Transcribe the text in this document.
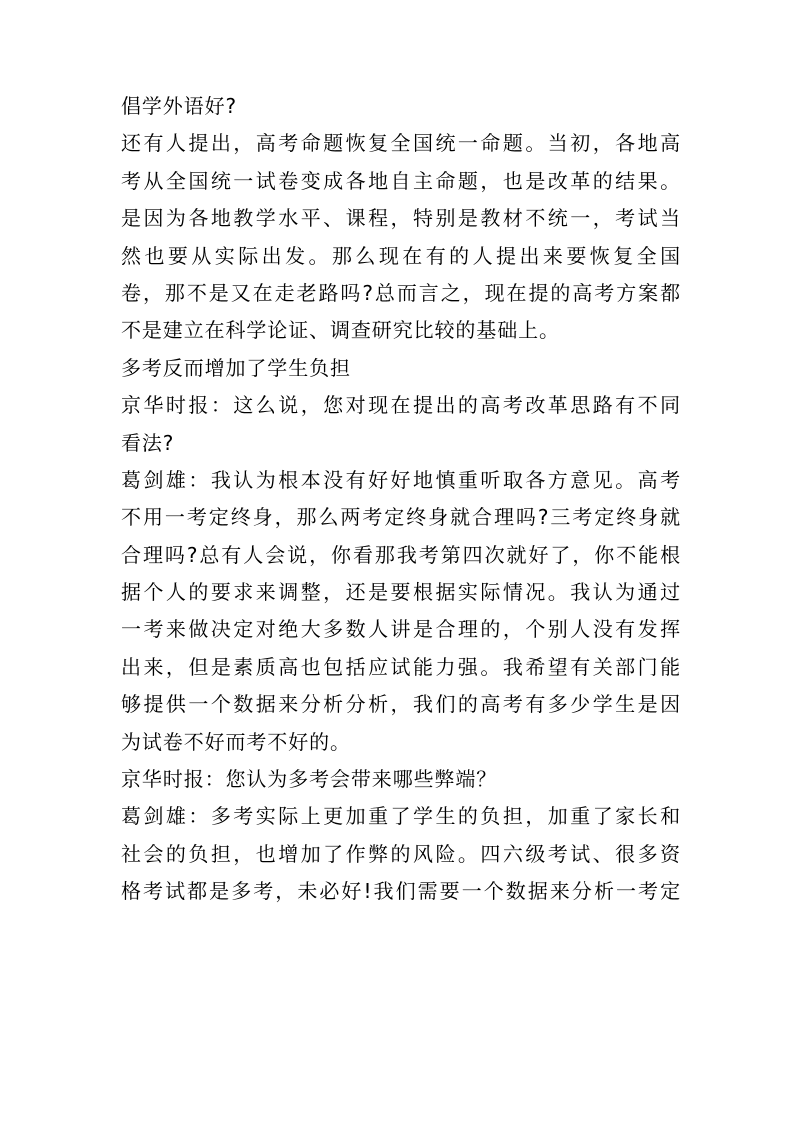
倡学外语好?
还有人提出，高考命题恢复全国统一命题。当初，各地高
考从全国统一试卷变成各地自主命题，也是改革的结果。
是因为各地教学水平、课程，特别是教材不统一，考试当
然也要从实际出发。那么现在有的人提出来要恢复全国
卷，那不是又在走老路吗?总而言之，现在提的高考方案都
不是建立在科学论证、调查研究比较的基础上。
多考反而增加了学生负担
京华时报：这么说，您对现在提出的高考改革思路有不同
看法?
葛剑雄：我认为根本没有好好地慎重听取各方意见。高考
不用一考定终身，那么两考定终身就合理吗?三考定终身就
合理吗?总有人会说，你看那我考第四次就好了，你不能根
据个人的要求来调整，还是要根据实际情况。我认为通过
一考来做决定对绝大多数人讲是合理的，个别人没有发挥
出来，但是素质高也包括应试能力强。我希望有关部门能
够提供一个数据来分析分析，我们的高考有多少学生是因
为试卷不好而考不好的。
京华时报：您认为多考会带来哪些弊端？
葛剑雄：多考实际上更加重了学生的负担，加重了家长和
社会的负担，也增加了作弊的风险。四六级考试、很多资
格考试都是多考，未必好!我们需要一个数据来分析一考定
